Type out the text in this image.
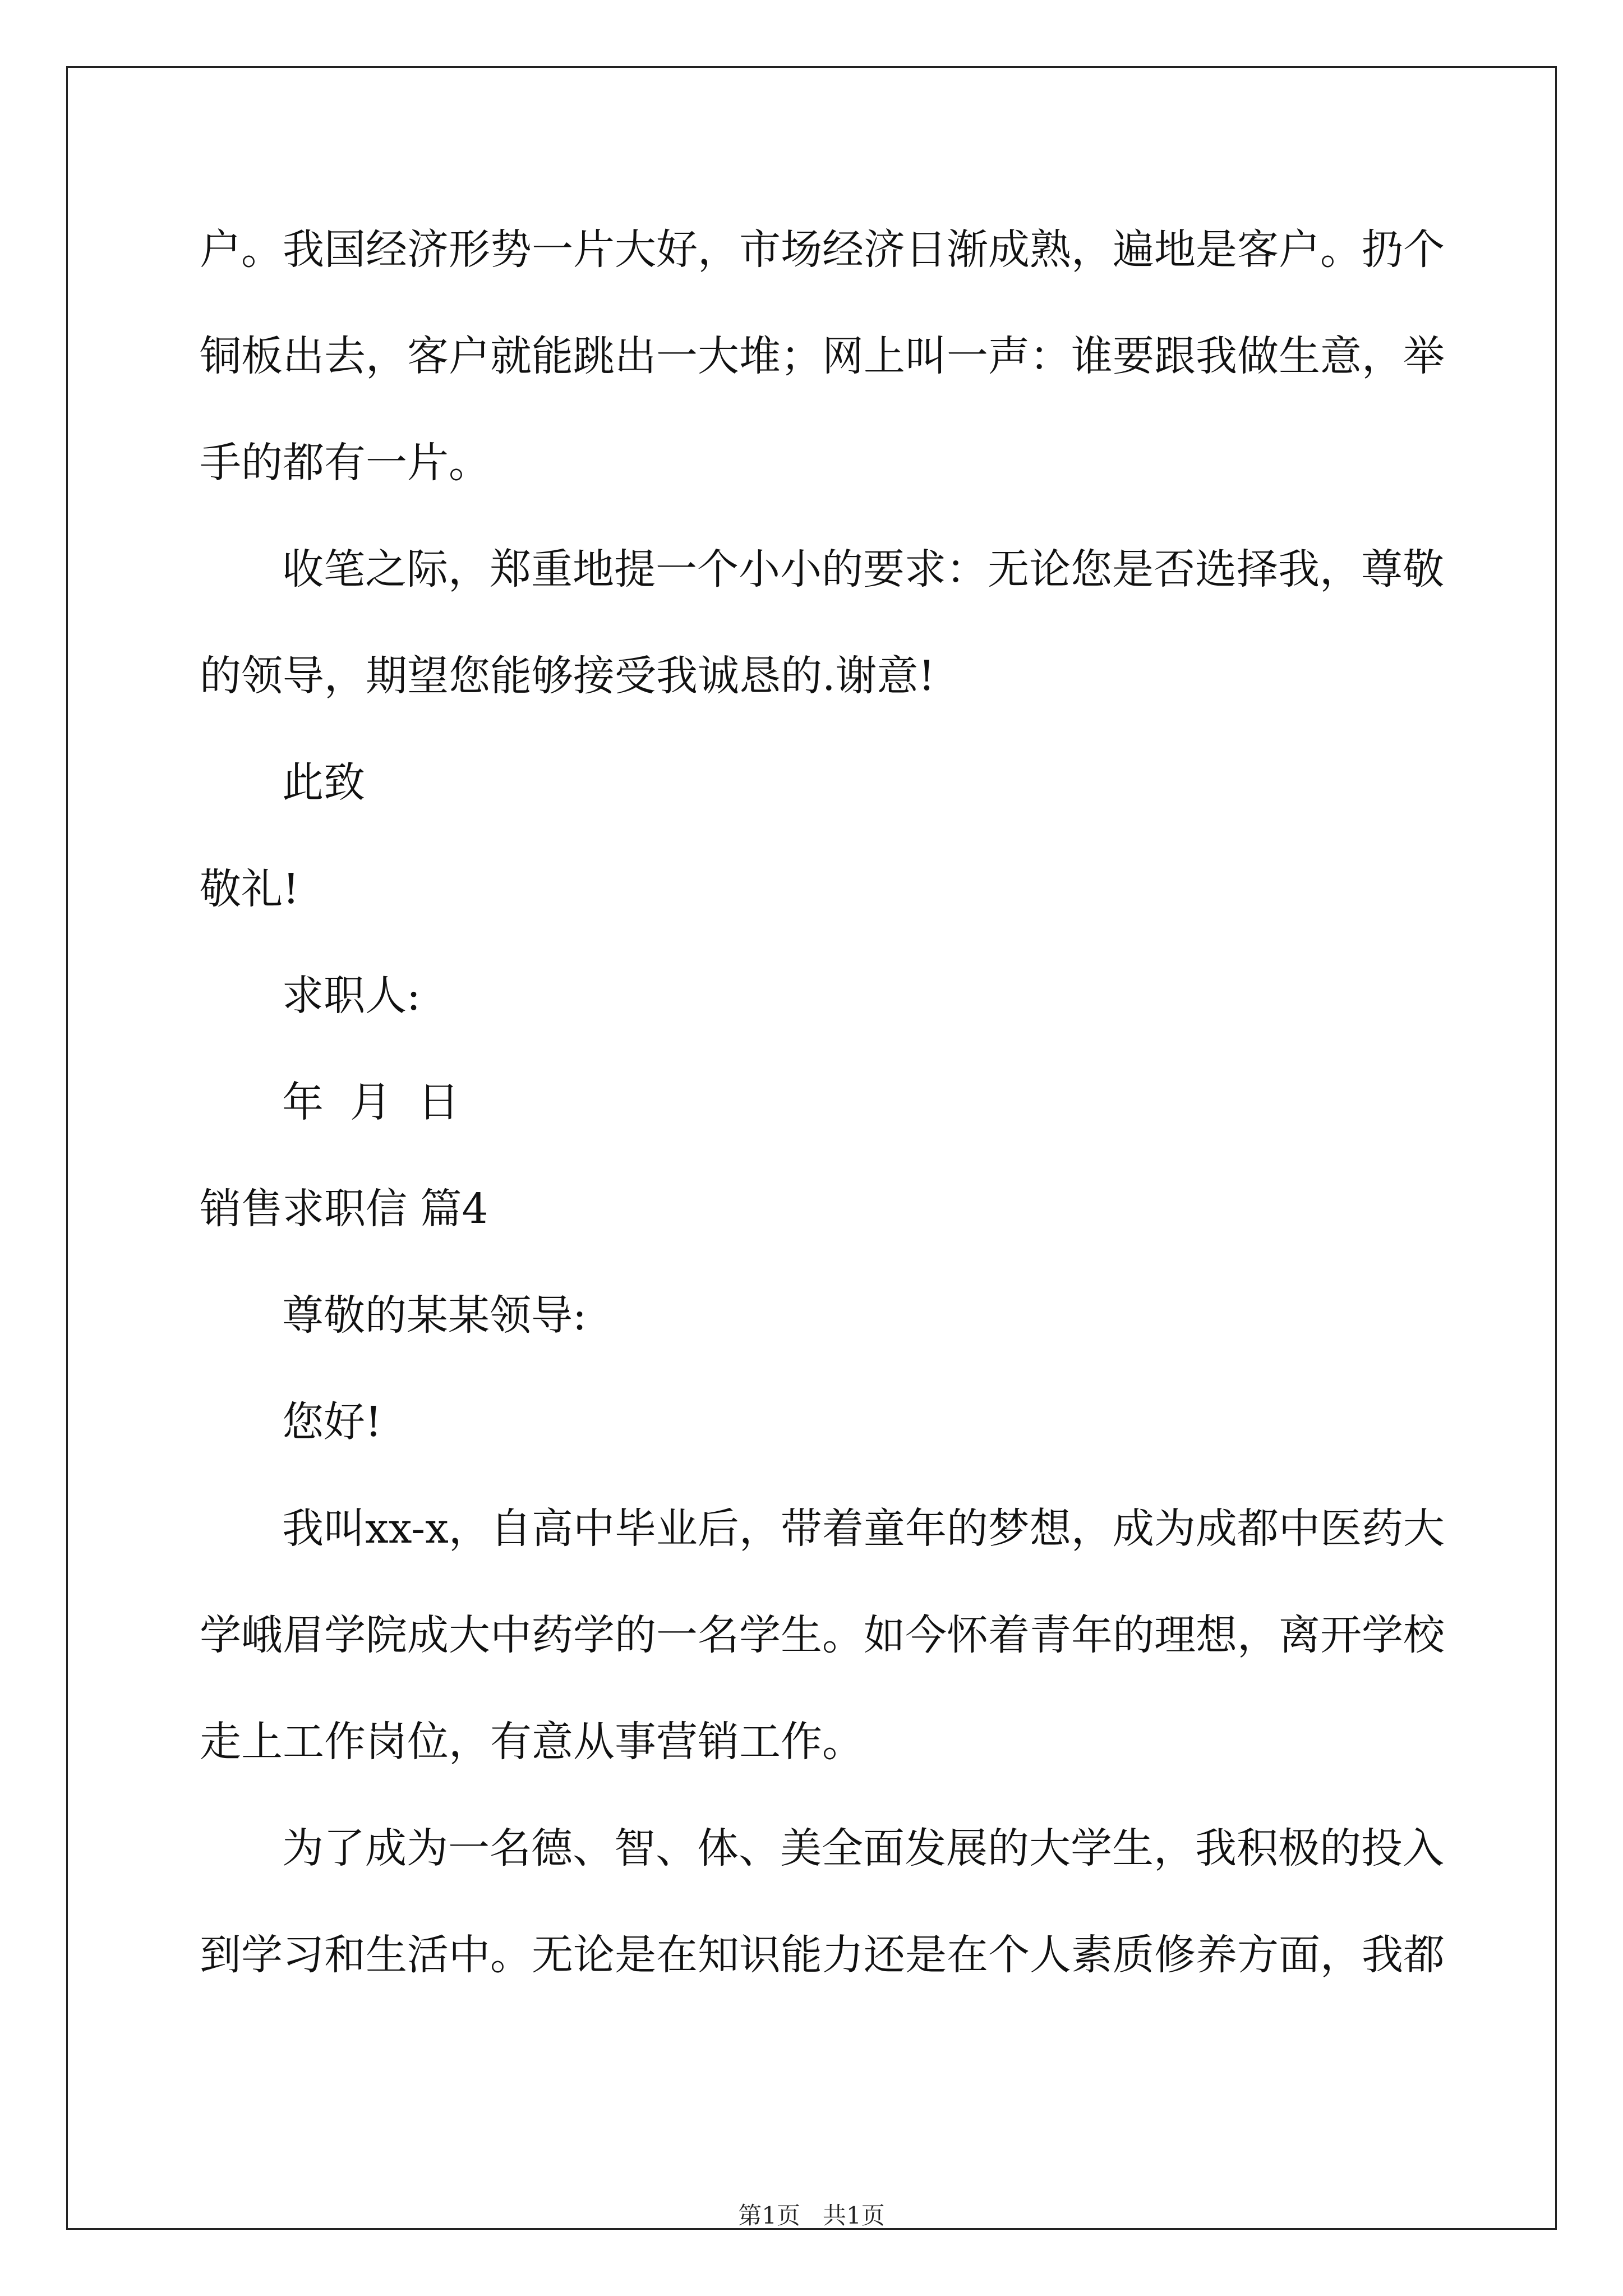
户。我国经济形势一片大好，市场经济日渐成熟，遍地是客户。扔个
铜板出去，客户就能跳出一大堆；网上叫一声：谁要跟我做生意，举
手的都有一片。
收笔之际，郑重地提一个小小的要求：无论您是否选择我，尊敬
的领导，期望您能够接受我诚恳的.谢意!
此致
敬礼!
求职人:
年  月  日
销售求职信 篇4
尊敬的某某领导:
您好!
我叫xx-x，自高中毕业后，带着童年的梦想，成为成都中医药大
学峨眉学院成大中药学的一名学生。如今怀着青年的理想，离开学校
走上工作岗位，有意从事营销工作。
为了成为一名德、智、体、美全面发展的大学生，我积极的投入
到学习和生活中。无论是在知识能力还是在个人素质修养方面，我都
第1页   共1页
